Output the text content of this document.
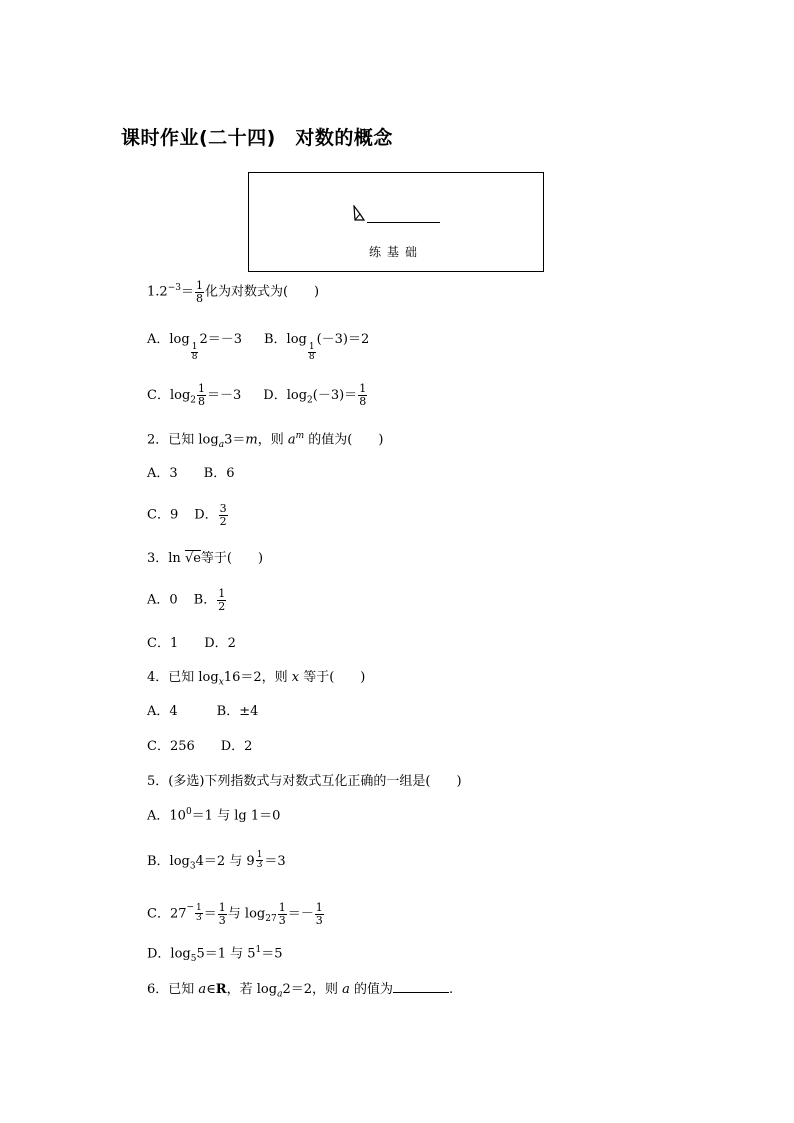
课时作业(二十四)　对数的概念
练基础
$1.2^{-3}= \frac{1}{8}$ 化为对数式为(　　)
A．log
$\frac{1}{8}$
2＝－3 B．log
$\frac{1}{8}$
(－3)＝2
C．$\log_2 \frac{1}{8} =-3$ D．$\log_2(-3)= \frac{1}{8}$
2．已知 $\log_a3=m$，则 $a^m$ 的值为(　　)
A．3　　B．6
C．9 D． $\frac{3}{2}$
3．ln √e等于(　　)
A．0 B． $\frac{1}{2}$
C．1　　D．2
4．已知 $\log_x16=2$，则 x 等于(　　)
A．4　　　B．±4
C．256　　D．2
5．(多选)下列指数式与对数式互化正确的一组是(　　)
A．$10^0=1$ 与 lg 1＝0
B．$\log_34=2$ 与 $9 \frac{1}{3} =3$
C．$27^- \frac{1}{3} = \frac{1}{3}$ 与 $\log_{27} \frac{1}{3} =- \frac{1}{3}$
D．$\log_55=1$ 与 $5^1=5$
6．已知 a∈R，若 $\log_a2=2$，则 a 的值为	.
